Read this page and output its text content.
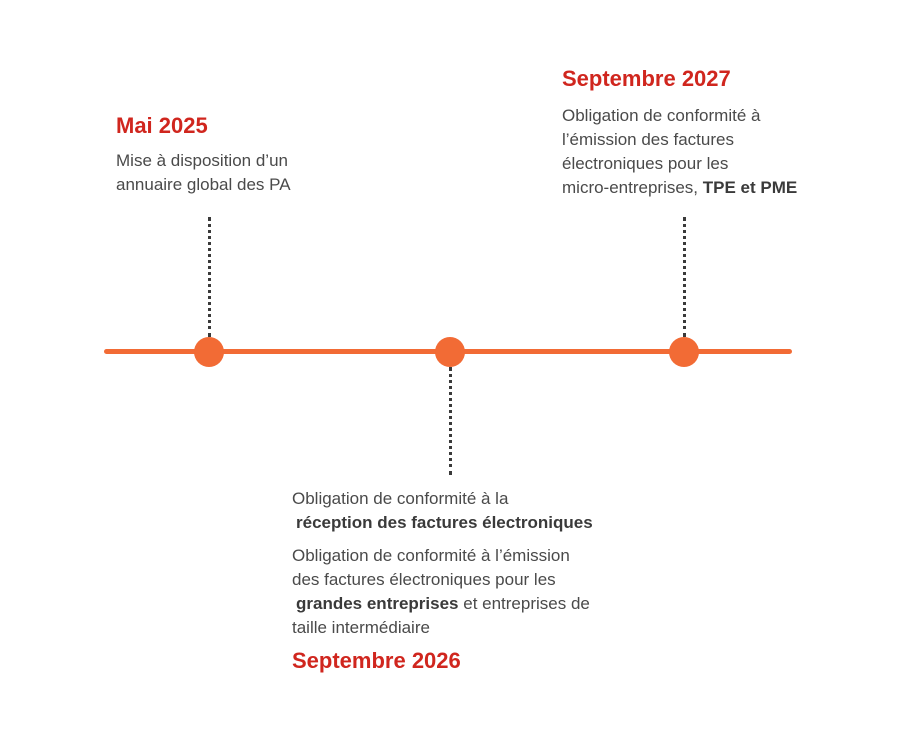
Mai 2025

Mise à disposition d’un
annuaire global des PA

Septembre 2027

Obligation de conformité à
l’émission des factures
électroniques pour les
micro-entreprises, TPE et PME

Obligation de conformité à la
réception des factures électroniques

Obligation de conformité à l’émission
des factures électroniques pour les
grandes entreprises et entreprises de
taille intermédiaire

Septembre 2026
